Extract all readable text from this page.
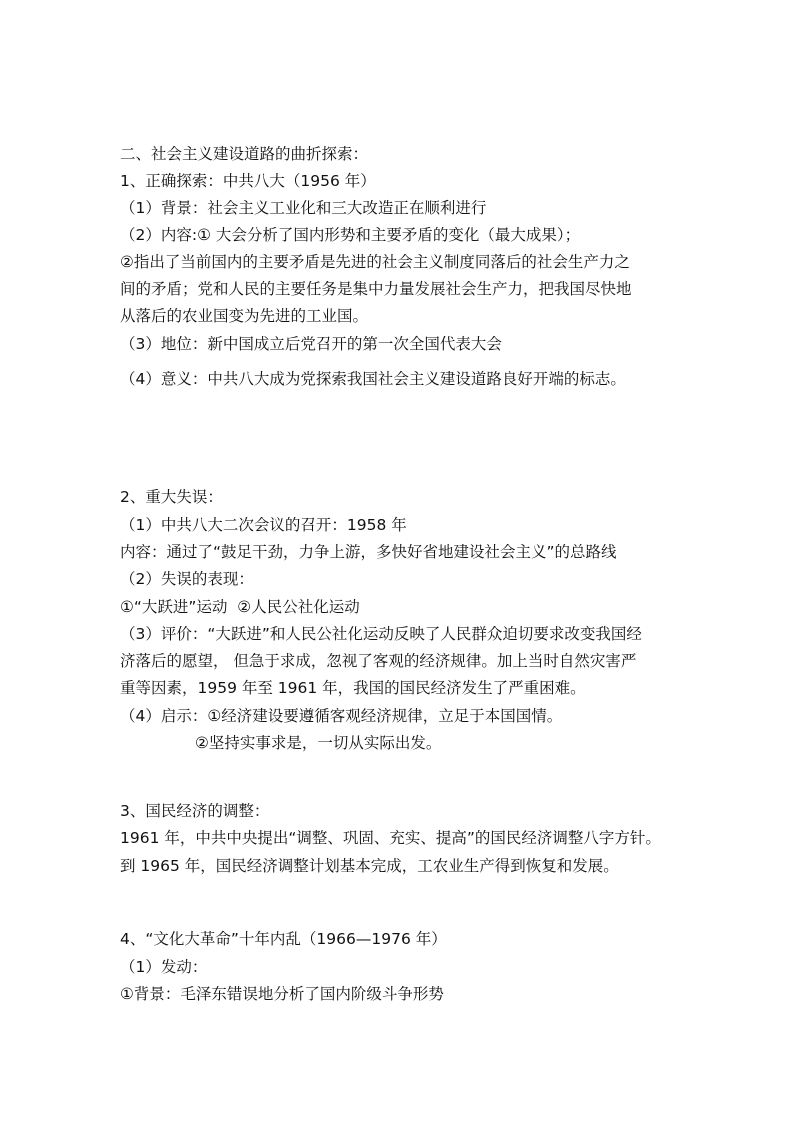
二、社会主义建设道路的曲折探索：
1、正确探索：中共八大（1956 年）
（1）背景：社会主义工业化和三大改造正在顺利进行
（2）内容:① 大会分析了国内形势和主要矛盾的变化（最大成果）；
②指出了当前国内的主要矛盾是先进的社会主义制度同落后的社会生产力之
间的矛盾；党和人民的主要任务是集中力量发展社会生产力，把我国尽快地
从落后的农业国变为先进的工业国。
（3）地位：新中国成立后党召开的第一次全国代表大会
（4）意义：中共八大成为党探索我国社会主义建设道路良好开端的标志。
2、重大失误：
（1）中共八大二次会议的召开：1958 年
内容：通过了“鼓足干劲，力争上游，多快好省地建设社会主义”的总路线
（2）失误的表现：
①“大跃进”运动  ②人民公社化运动
（3）评价：“大跃进”和人民公社化运动反映了人民群众迫切要求改变我国经
济落后的愿望， 但急于求成，忽视了客观的经济规律。加上当时自然灾害严
重等因素，1959 年至 1961 年，我国的国民经济发生了严重困难。
（4）启示：①经济建设要遵循客观经济规律，立足于本国国情。
②坚持实事求是，一切从实际出发。
3、国民经济的调整：
1961 年，中共中央提出“调整、巩固、充实、提高”的国民经济调整八字方针。
到 1965 年，国民经济调整计划基本完成，工农业生产得到恢复和发展。
4、“文化大革命”十年内乱（1966—1976 年）
（1）发动：
①背景：毛泽东错误地分析了国内阶级斗争形势
